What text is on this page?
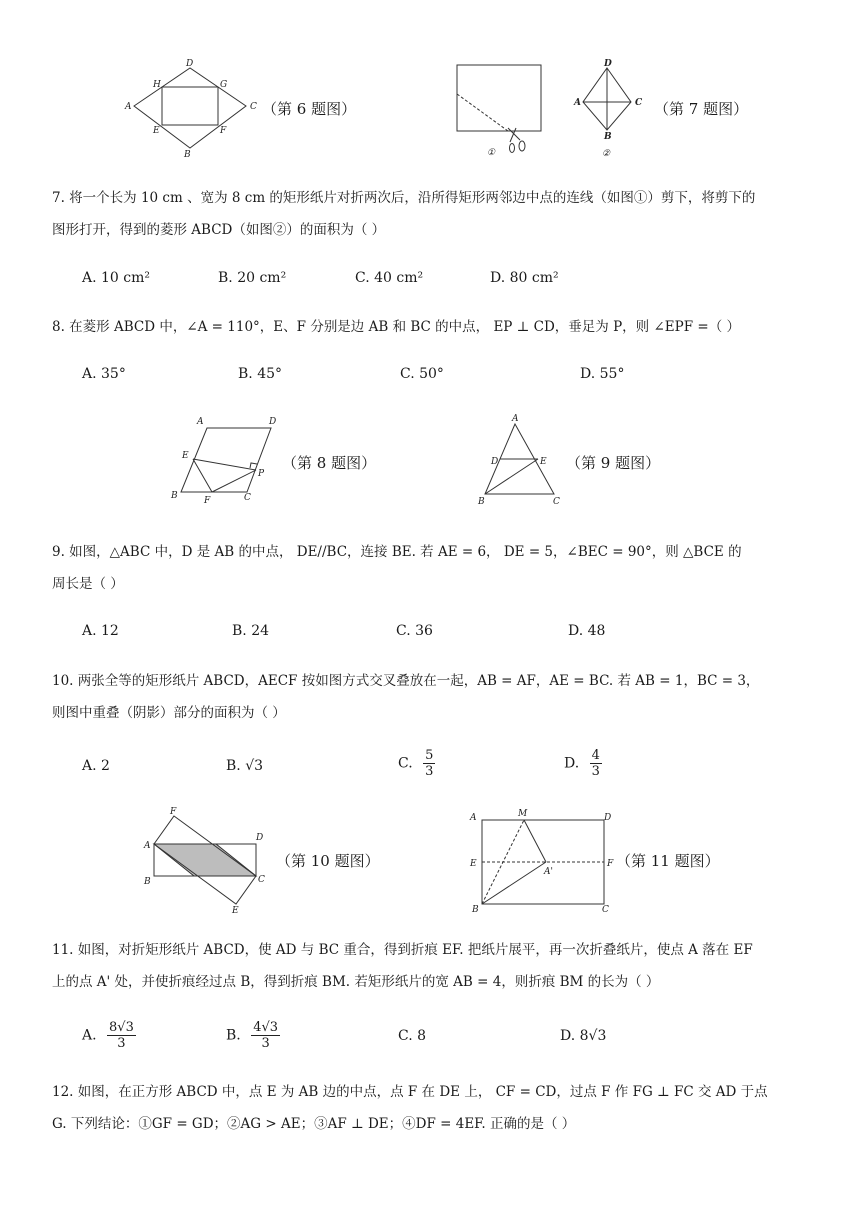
A
B
C
D
E	F
G
H
（第 6 题图）
①	②
A
B
C
D
（第 7 题图）
7. 将一个长为 10 cm 、宽为 8 cm 的矩形纸片对折两次后，沿所得矩形两邻边中点的连线（如图①）剪下，将剪下的
图形打开，得到的菱形 ABCD（如图②）的面积为（ ）
A. 10 cm²	B. 20 cm²	C. 40 cm²	D. 80 cm²
8. 在菱形 ABCD 中，∠A = 110°，E、F 分别是边 AB 和 BC 的中点， EP ⊥ CD，垂足为 P，则 ∠EPF =（ ）
A. 35°	B. 45°	C. 50°	D. 55°
A
B	C
D
E
F
P
（第 8 题图）
A
B	C
D	E （第 9 题图）
9. 如图，△ABC 中，D 是 AB 的中点， DE//BC，连接 BE. 若 AE = 6， DE = 5，∠BEC = 90°，则 △BCE 的
周长是（ ）
A. 12	B. 24	C. 36	D. 48
10. 两张全等的矩形纸片 ABCD，AECF 按如图方式交叉叠放在一起，AB = AF，AE = BC. 若 AB = 1，BC = 3，
则图中重叠（阴影）部分的面积为（ ）
A. 2	B. √3	C. $\frac{5}{3}$	D. $\frac{4}{3}$
F
A
D
B	C
E
（第 10 题图）
A
B	C
D
E	F
M
A'
（第 11 题图）
11. 如图，对折矩形纸片 ABCD，使 AD 与 BC 重合，得到折痕 EF. 把纸片展平，再一次折叠纸片，使点 A 落在 EF
上的点 A' 处，并使折痕经过点 B，得到折痕 BM. 若矩形纸片的宽 AB = 4，则折痕 BM 的长为（ ）
A. $\frac{8√3}{3}$	B. $\frac{4√3}{3}$	C. 8	D. 8√3
12. 如图，在正方形 ABCD 中，点 E 为 AB 边的中点，点 F 在 DE 上， CF = CD，过点 F 作 FG ⊥ FC 交 AD 于点
G. 下列结论：①GF = GD；②AG > AE；③AF ⊥ DE；④DF = 4EF. 正确的是（ ）
